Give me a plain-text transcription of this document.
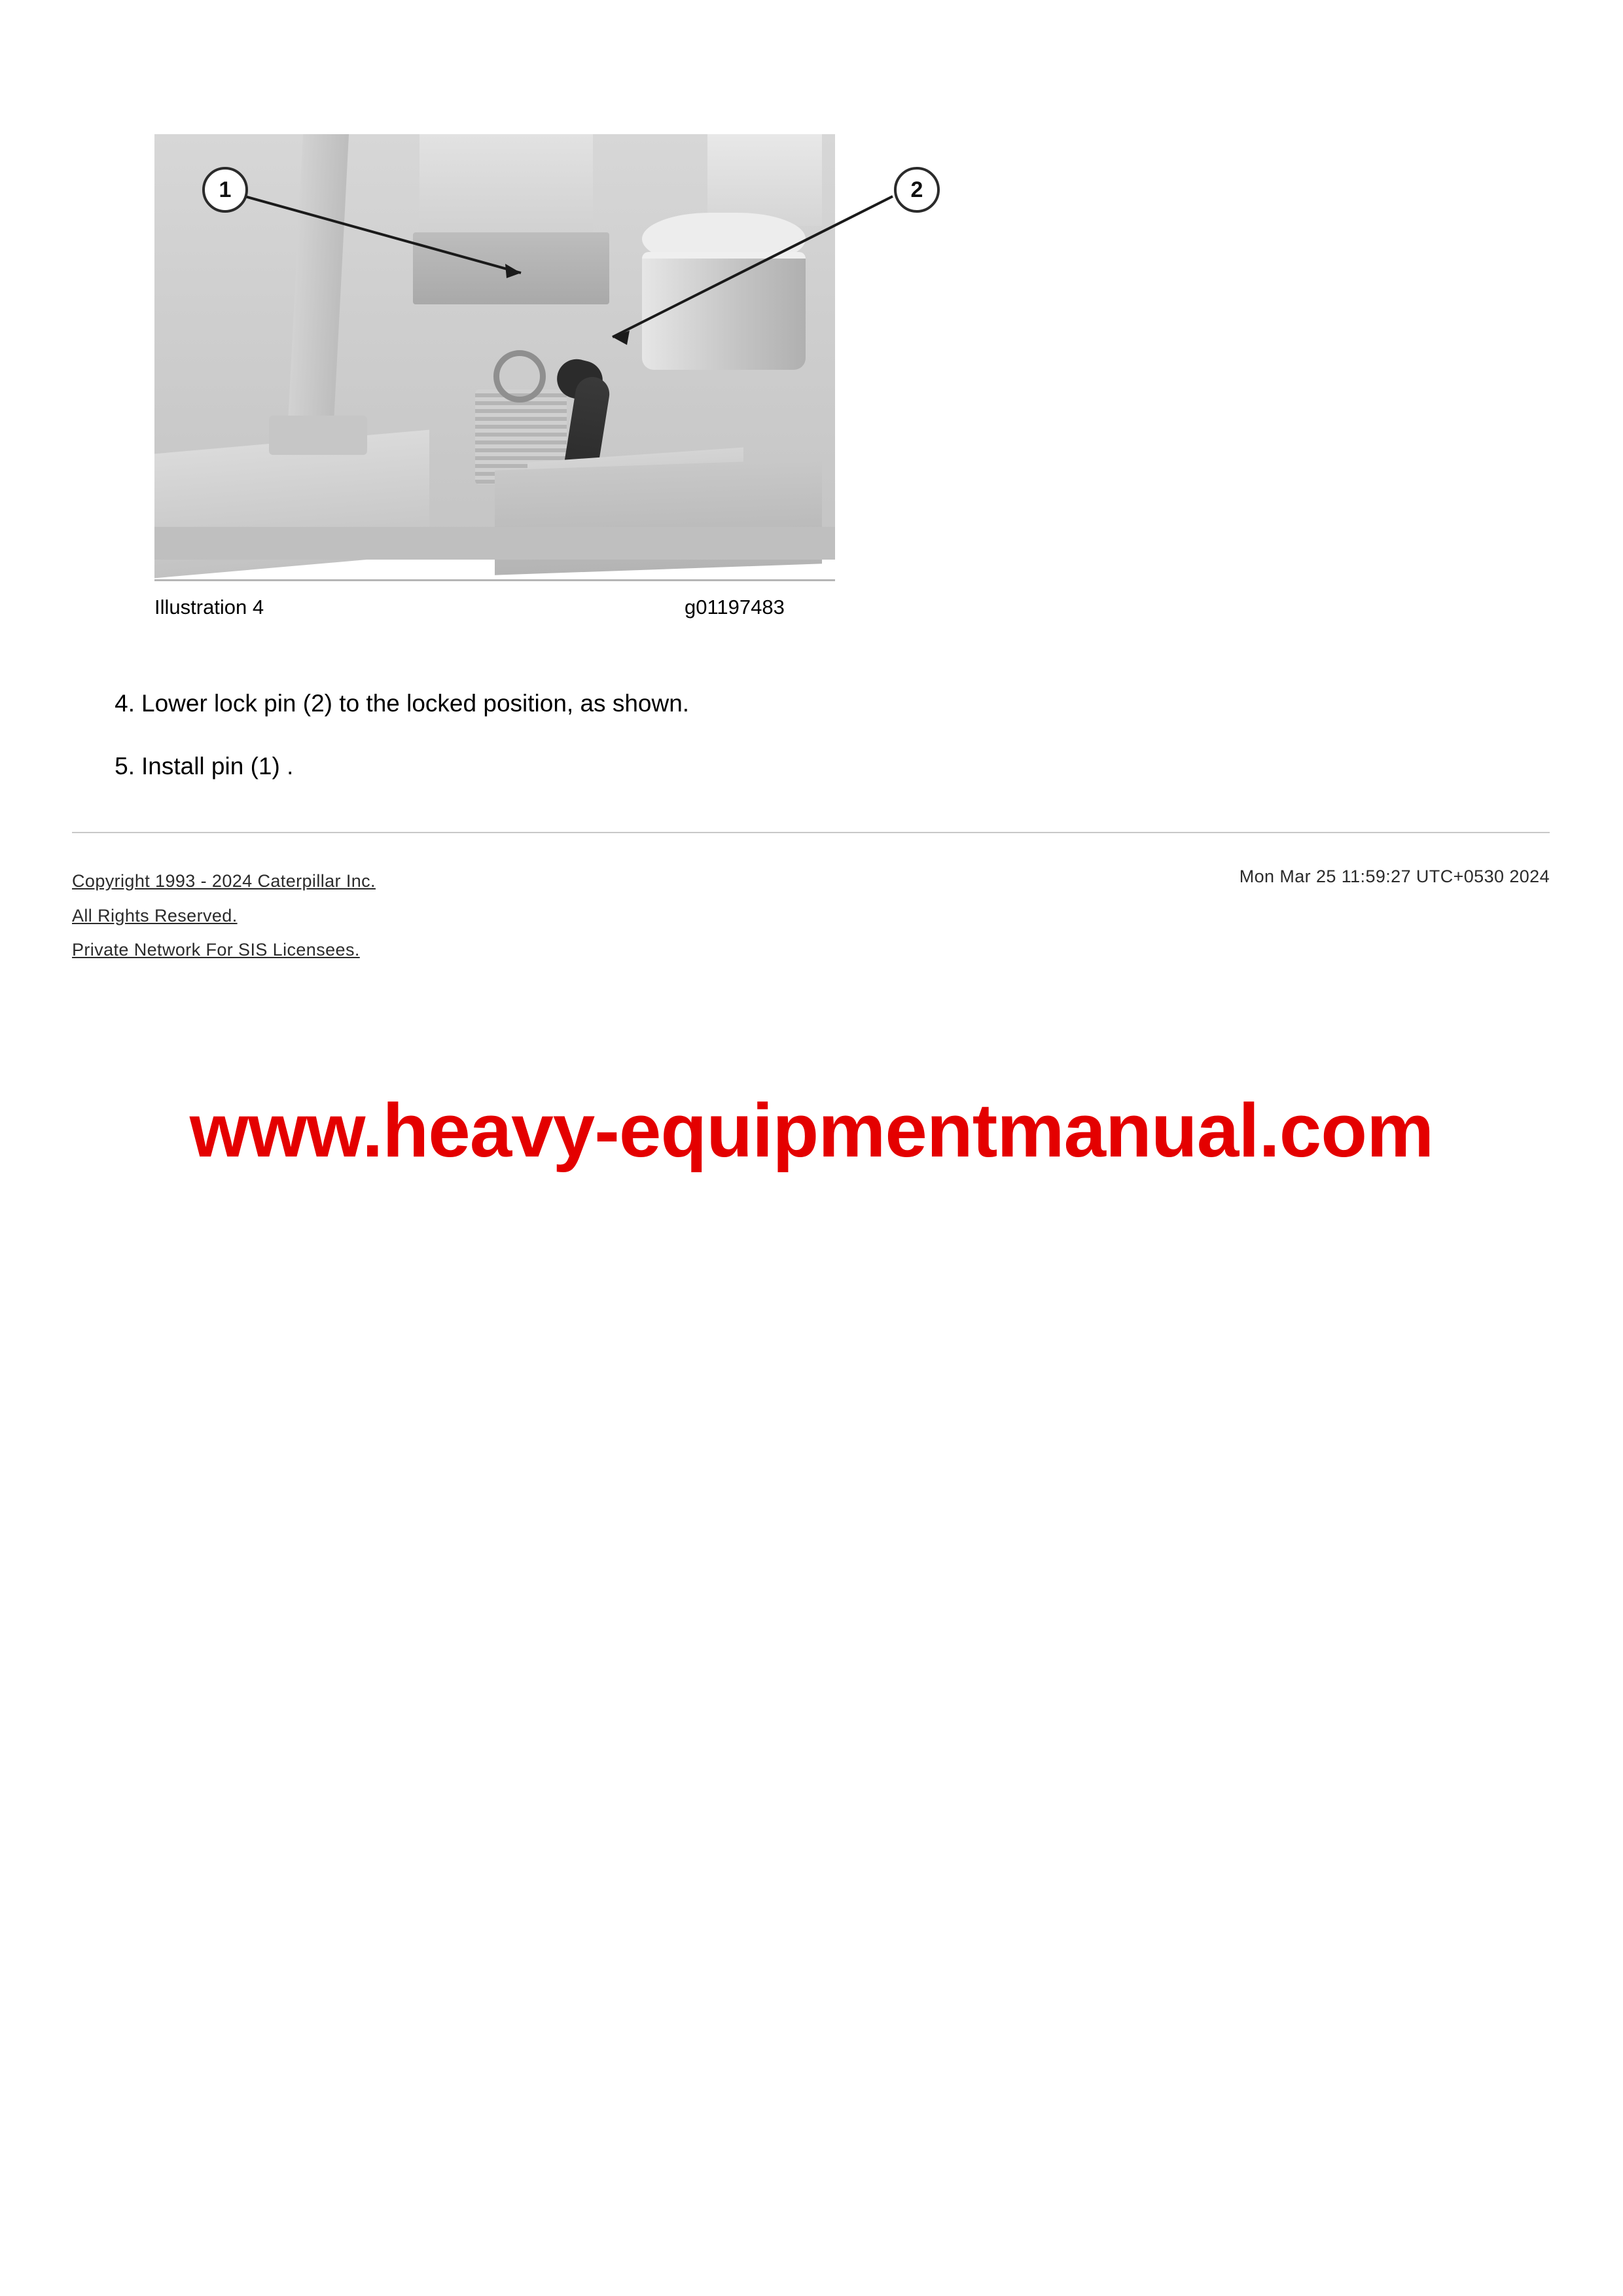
1	2
Illustration 4	g01197483
4. Lower lock pin (2) to the locked position, as shown.
5. Install pin (1) .
Copyright 1993 - 2024 Caterpillar Inc.
All Rights Reserved.
Private Network For SIS Licensees.
Mon Mar 25 11:59:27 UTC+0530 2024
www.heavy-equipmentmanual.com
